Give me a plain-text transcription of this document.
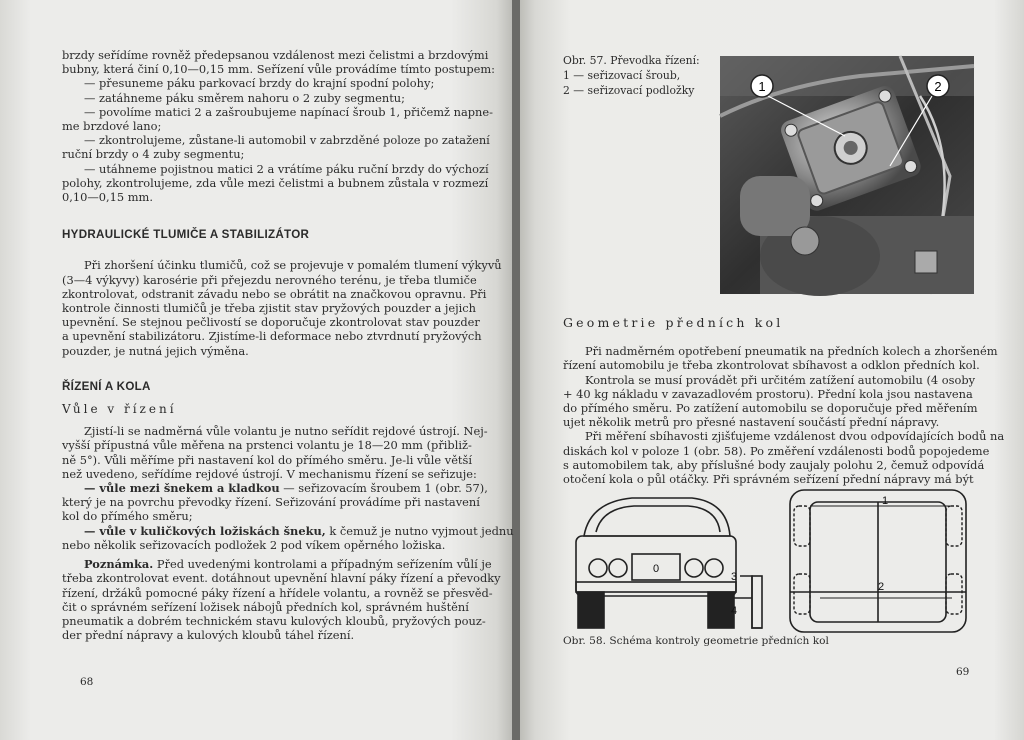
brzdy seřídíme rovněž předepsanou vzdálenost mezi čelistmi a brzdovými
bubny, která činí 0,10—0,15 mm. Seřízení vůle provádíme tímto postupem:
— přesuneme páku parkovací brzdy do krajní spodní polohy;
— zatáhneme páku směrem nahoru o 2 zuby segmentu;
— povolíme matici 2 a zašroubujeme napínací šroub 1, přičemž napne-
me brzdové lano;
— zkontrolujeme, zůstane-li automobil v zabrzděné poloze po zatažení
ruční brzdy o 4 zuby segmentu;
— utáhneme pojistnou matici 2 a vrátíme páku ruční brzdy do výchozí
polohy, zkontrolujeme, zda vůle mezi čelistmi a bubnem zůstala v rozmezí
0,10—0,15 mm.
HYDRAULICKÉ TLUMIČE A STABILIZÁTOR
Při zhoršení účinku tlumičů, což se projevuje v pomalém tlumení výkyvů
(3—4 výkyvy) karosérie při přejezdu nerovného terénu, je třeba tlumiče
zkontrolovat, odstranit závadu nebo se obrátit na značkovou opravnu. Při
kontrole činnosti tlumičů je třeba zjistit stav pryžových pouzder a jejich
upevnění. Se stejnou pečlivostí se doporučuje zkontrolovat stav pouzder
a upevnění stabilizátoru. Zjistíme-li deformace nebo ztvrdnutí pryžových
pouzder, je nutná jejich výměna.
ŘÍZENÍ A KOLA
Vůle v řízení
Zjistí-li se nadměrná vůle volantu je nutno seřídit rejdové ústrojí. Nej-
vyšší přípustná vůle měřena na prstenci volantu je 18—20 mm (přibliž-
ně 5°). Vůli měříme při nastavení kol do přímého směru. Je-li vůle větší
než uvedeno, seřídíme rejdové ústrojí. V mechanismu řízení se seřizuje:
— vůle mezi šnekem a kladkou — seřizovacím šroubem 1 (obr. 57),
který je na povrchu převodky řízení. Seřizování provádíme při nastavení
kol do přímého směru;
— vůle v kuličkových ložiskách šneku, k čemuž je nutno vyjmout jednu
nebo několik seřizovacích podložek 2 pod víkem opěrného ložiska.
Poznámka. Před uvedenými kontrolami a případným seřízením vůlí je
třeba zkontrolovat event. dotáhnout upevnění hlavní páky řízení a převodky
řízení, držáků pomocné páky řízení a hřídele volantu, a rovněž se přesvěd-
čit o správném seřízení ložisek nábojů předních kol, správném huštění
pneumatik a dobrém technickém stavu kulových kloubů, pryžových pouz-
der přední nápravy a kulových kloubů táhel řízení.
68
Obr. 57. Převodka řízení:
1 — seřizovací šroub,
2 — seřizovací podložky	1	2
Geometrie předních kol
Při nadměrném opotřebení pneumatik na předních kolech a zhoršeném
řízení automobilu je třeba zkontrolovat sbíhavost a odklon předních kol.
Kontrola se musí provádět při určitém zatížení automobilu (4 osoby
+ 40 kg nákladu v zavazadlovém prostoru). Přední kola jsou nastavena
do přímého směru. Po zatížení automobilu se doporučuje před měřením
ujet několik metrů pro přesné nastavení součástí přední nápravy.
Při měření sbíhavosti zjišťujeme vzdálenost dvou odpovídajících bodů na
diskách kol v poloze 1 (obr. 58). Po změření vzdálenosti bodů popojedeme
s automobilem tak, aby příslušné body zaujaly polohu 2, čemuž odpovídá
otočení kola o půl otáčky. Při správném seřízení přední nápravy má být
0
3
4
1
2
Obr. 58. Schéma kontroly geometrie předních kol
69
